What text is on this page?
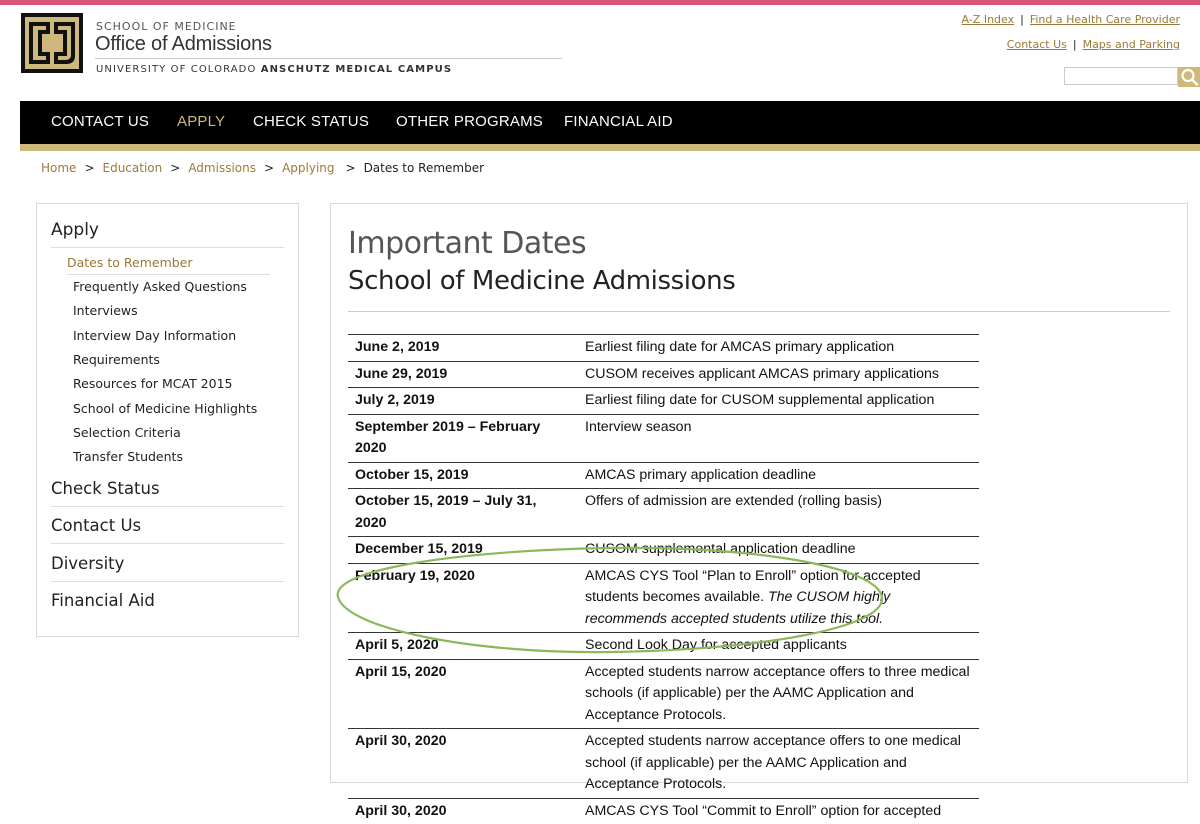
SCHOOL OF MEDICINE
Office of Admissions
UNIVERSITY OF COLORADO ANSCHUTZ MEDICAL CAMPUS
A-Z Index | Find a Health Care Provider
Contact Us | Maps and Parking
CONTACT US APPLY CHECK STATUS OTHER PROGRAMS FINANCIAL AID
Home > Education > Admissions > Applying > Dates to Remember
Apply
Dates to Remember
Frequently Asked Questions
Interviews
Interview Day Information
Requirements
Resources for MCAT 2015
School of Medicine Highlights
Selection Criteria
Transfer Students
Check Status
Contact Us
Diversity
Financial Aid
Important Dates
School of Medicine Admissions
June 2, 2019	Earliest filing date for AMCAS primary application
June 29, 2019	CUSOM receives applicant AMCAS primary applications
July 2, 2019	Earliest filing date for CUSOM supplemental application
September 2019 – February 2020	Interview season
October 15, 2019	AMCAS primary application deadline
October 15, 2019 – July 31, 2020	Offers of admission are extended (rolling basis)
December 15, 2019	CUSOM supplemental application deadline
February 19, 2020	AMCAS CYS Tool “Plan to Enroll” option for accepted students becomes available. The CUSOM highly recommends accepted students utilize this tool.
April 5, 2020	Second Look Day for accepted applicants
April 15, 2020	Accepted students narrow acceptance offers to three medical schools (if applicable) per the AAMC Application and Acceptance Protocols.
April 30, 2020	Accepted students narrow acceptance offers to one medical school (if applicable) per the AAMC Application and Acceptance Protocols.
April 30, 2020	AMCAS CYS Tool “Commit to Enroll” option for accepted
